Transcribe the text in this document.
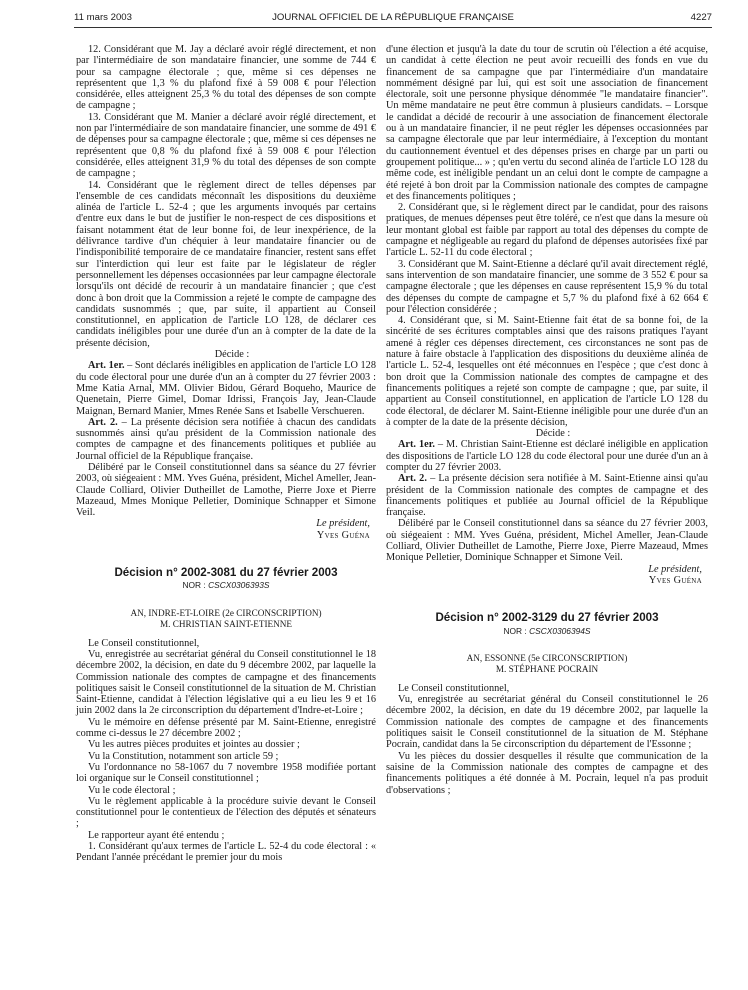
11 mars 2003	JOURNAL OFFICIEL DE LA RÉPUBLIQUE FRANÇAISE	4227

12. Considérant que M. Jay a déclaré avoir réglé directement, et non par l'intermédiaire de son mandataire financier, une somme de 744 € pour sa campagne électorale ; que, même si ces dépenses ne représentent que 1,3 % du plafond fixé à 59 008 € pour l'élection considérée, elles atteignent 25,3 % du total des dépenses de son compte de campagne ;

13. Considérant que M. Manier a déclaré avoir réglé directement, et non par l'intermédiaire de son mandataire financier, une somme de 491 € de dépenses pour sa campagne électorale ; que, même si ces dépenses ne représentent que 0,8 % du plafond fixé à 59 008 € pour l'élection considérée, elles atteignent 31,9 % du total des dépenses de son compte de campagne ;

14. Considérant que le règlement direct de telles dépenses par l'ensemble de ces candidats méconnaît les dispositions du deuxième alinéa de l'article L. 52-4 ; que les arguments invoqués par certains d'entre eux dans le but de justifier le non-respect de ces dispositions et faisant notamment état de leur bonne foi, de leur inexpérience, de la délivrance tardive d'un chéquier à leur mandataire financier ou de l'indisponibilité temporaire de ce mandataire financier, restent sans effet sur l'interdiction qui leur est faite par le législateur de régler personnellement les dépenses occasionnées par leur campagne électorale lorsqu'ils ont décidé de recourir à un mandataire financier ; que c'est donc à bon droit que la Commission a rejeté le compte de campagne des candidats susnommés ; que, par suite, il appartient au Conseil constitutionnel, en application de l'article LO 128, de déclarer ces candidats inéligibles pour une durée d'un an à compter de la date de la présente décision,

Décide :

Art. 1er. – Sont déclarés inéligibles en application de l'article LO 128 du code électoral pour une durée d'un an à compter du 27 février 2003 : Mme Katia Arnal, MM. Olivier Bidou, Gérard Boqueho, Maurice de Quenetain, Pierre Gimel, Domar Idrissi, François Jay, Jean-Claude Maignan, Bernard Manier, Mmes Renée Sans et Isabelle Verschueren.

Art. 2. – La présente décision sera notifiée à chacun des candidats susnommés ainsi qu'au président de la Commission nationale des comptes de campagne et des financements politiques et publiée au Journal officiel de la République française.

Délibéré par le Conseil constitutionnel dans sa séance du 27 février 2003, où siégeaient : MM. Yves Guéna, président, Michel Ameller, Jean-Claude Colliard, Olivier Dutheillet de Lamothe, Pierre Joxe et Pierre Mazeaud, Mmes Monique Pelletier, Dominique Schnapper et Simone Veil.

Le président,

Yves Guéna

Décision n° 2002-3081 du 27 février 2003
NOR : CSCX0306393S
AN, INDRE-ET-LOIRE (2e CIRCONSCRIPTION)
M. CHRISTIAN SAINT-ETIENNE

Le Conseil constitutionnel,

Vu, enregistrée au secrétariat général du Conseil constitutionnel le 18 décembre 2002, la décision, en date du 9 décembre 2002, par laquelle la Commission nationale des comptes de campagne et des financements politiques saisit le Conseil constitutionnel de la situation de M. Christian Saint-Etienne, candidat à l'élection législative qui a eu lieu les 9 et 16 juin 2002 dans la 2e circonscription du département d'Indre-et-Loire ;

Vu le mémoire en défense présenté par M. Saint-Etienne, enregistré comme ci-dessus le 27 décembre 2002 ;

Vu les autres pièces produites et jointes au dossier ;

Vu la Constitution, notamment son article 59 ;

Vu l'ordonnance no 58-1067 du 7 novembre 1958 modifiée portant loi organique sur le Conseil constitutionnel ;

Vu le code électoral ;

Vu le règlement applicable à la procédure suivie devant le Conseil constitutionnel pour le contentieux de l'élection des députés et sénateurs ;

Le rapporteur ayant été entendu ;

1. Considérant qu'aux termes de l'article L. 52-4 du code électoral : « Pendant l'année précédant le premier jour du mois

d'une élection et jusqu'à la date du tour de scrutin où l'élection a été acquise, un candidat à cette élection ne peut avoir recueilli des fonds en vue du financement de sa campagne que par l'intermédiaire d'un mandataire nommément désigné par lui, qui est soit une association de financement électorale, soit une personne physique dénommée "le mandataire financier". Un même mandataire ne peut être commun à plusieurs candidats. – Lorsque le candidat a décidé de recourir à une association de financement électorale ou à un mandataire financier, il ne peut régler les dépenses occasionnées par sa campagne électorale que par leur intermédiaire, à l'exception du montant du cautionnement éventuel et des dépenses prises en charge par un parti ou groupement politique... » ; qu'en vertu du second alinéa de l'article LO 128 du même code, est inéligible pendant un an celui dont le compte de campagne a été rejeté à bon droit par la Commission nationale des comptes de campagne et des financements politiques ;

2. Considérant que, si le règlement direct par le candidat, pour des raisons pratiques, de menues dépenses peut être toléré, ce n'est que dans la mesure où leur montant global est faible par rapport au total des dépenses du compte de campagne et négligeable au regard du plafond de dépenses autorisées fixé par l'article L. 52-11 du code électoral ;

3. Considérant que M. Saint-Etienne a déclaré qu'il avait directement réglé, sans intervention de son mandataire financier, une somme de 3 552 € pour sa campagne électorale ; que les dépenses en cause représentent 15,9 % du total des dépenses du compte de campagne et 5,7 % du plafond fixé à 62 664 € pour l'élection considérée ;

4. Considérant que, si M. Saint-Etienne fait état de sa bonne foi, de la sincérité de ses écritures comptables ainsi que des raisons pratiques l'ayant amené à régler ces dépenses directement, ces circonstances ne sont pas de nature à faire obstacle à l'application des dispositions du deuxième alinéa de l'article L. 52-4, lesquelles ont été méconnues en l'espèce ; que c'est donc à bon droit que la Commission nationale des comptes de campagne et des financements politiques a rejeté son compte de campagne ; que, par suite, il appartient au Conseil constitutionnel, en application de l'article LO 128 du code électoral, de déclarer M. Saint-Etienne inéligible pour une durée d'un an à compter de la date de la présente décision,

Décide :

Art. 1er. – M. Christian Saint-Etienne est déclaré inéligible en application des dispositions de l'article LO 128 du code électoral pour une durée d'un an à compter du 27 février 2003.

Art. 2. – La présente décision sera notifiée à M. Saint-Etienne ainsi qu'au président de la Commission nationale des comptes de campagne et des financements politiques et publiée au Journal officiel de la République française.

Délibéré par le Conseil constitutionnel dans sa séance du 27 février 2003, où siégeaient : MM. Yves Guéna, président, Michel Ameller, Jean-Claude Colliard, Olivier Dutheillet de Lamothe, Pierre Joxe, Pierre Mazeaud, Mmes Monique Pelletier, Dominique Schnapper et Simone Veil.

Le président,

Yves Guéna

Décision n° 2002-3129 du 27 février 2003
NOR : CSCX0306394S
AN, ESSONNE (5e CIRCONSCRIPTION)
M. STÉPHANE POCRAIN

Le Conseil constitutionnel,

Vu, enregistrée au secrétariat général du Conseil constitutionnel le 26 décembre 2002, la décision, en date du 19 décembre 2002, par laquelle la Commission nationale des comptes de campagne et des financements politiques saisit le Conseil constitutionnel de la situation de M. Stéphane Pocrain, candidat dans la 5e circonscription du département de l'Essonne ;

Vu les pièces du dossier desquelles il résulte que communication de la saisine de la Commission nationale des comptes de campagne et des financements politiques a été donnée à M. Pocrain, lequel n'a pas produit d'observations ;
